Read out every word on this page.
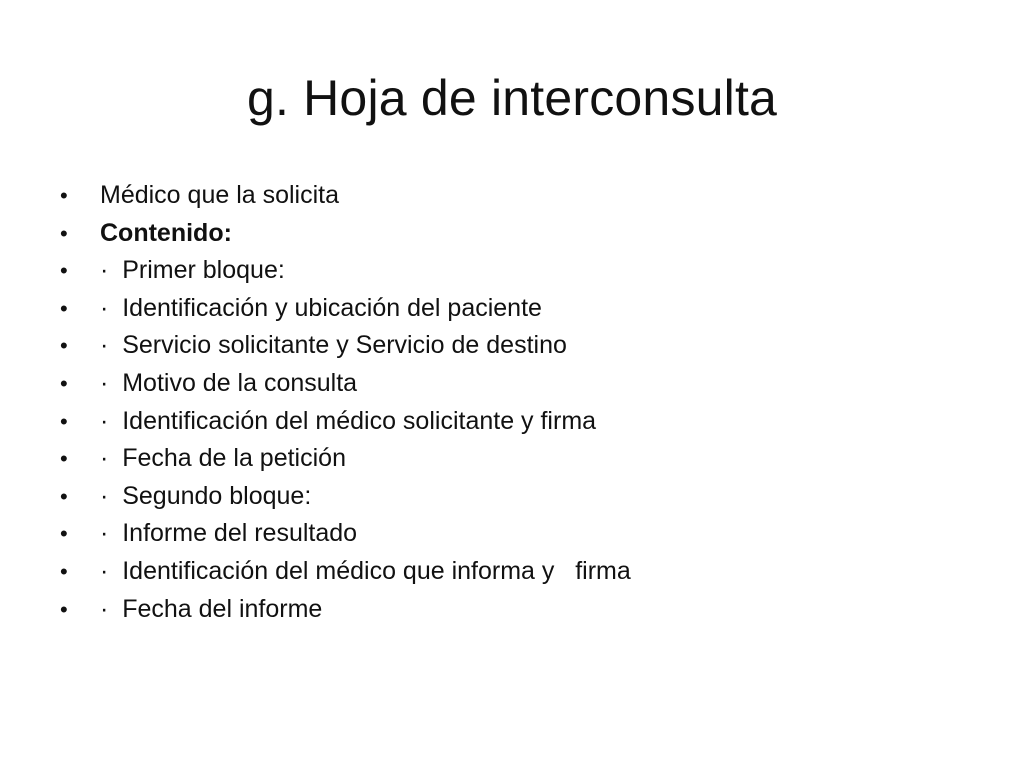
g. Hoja de interconsulta
• Médico que la solicita
• Contenido:
• ·  Primer bloque:
• ·  Identificación y ubicación del paciente
• ·  Servicio solicitante y Servicio de destino
• ·  Motivo de la consulta
• ·  Identificación del médico solicitante y firma
• ·  Fecha de la petición
• ·  Segundo bloque:
• ·  Informe del resultado
• ·  Identificación del médico que informa y   firma
• ·  Fecha del informe
